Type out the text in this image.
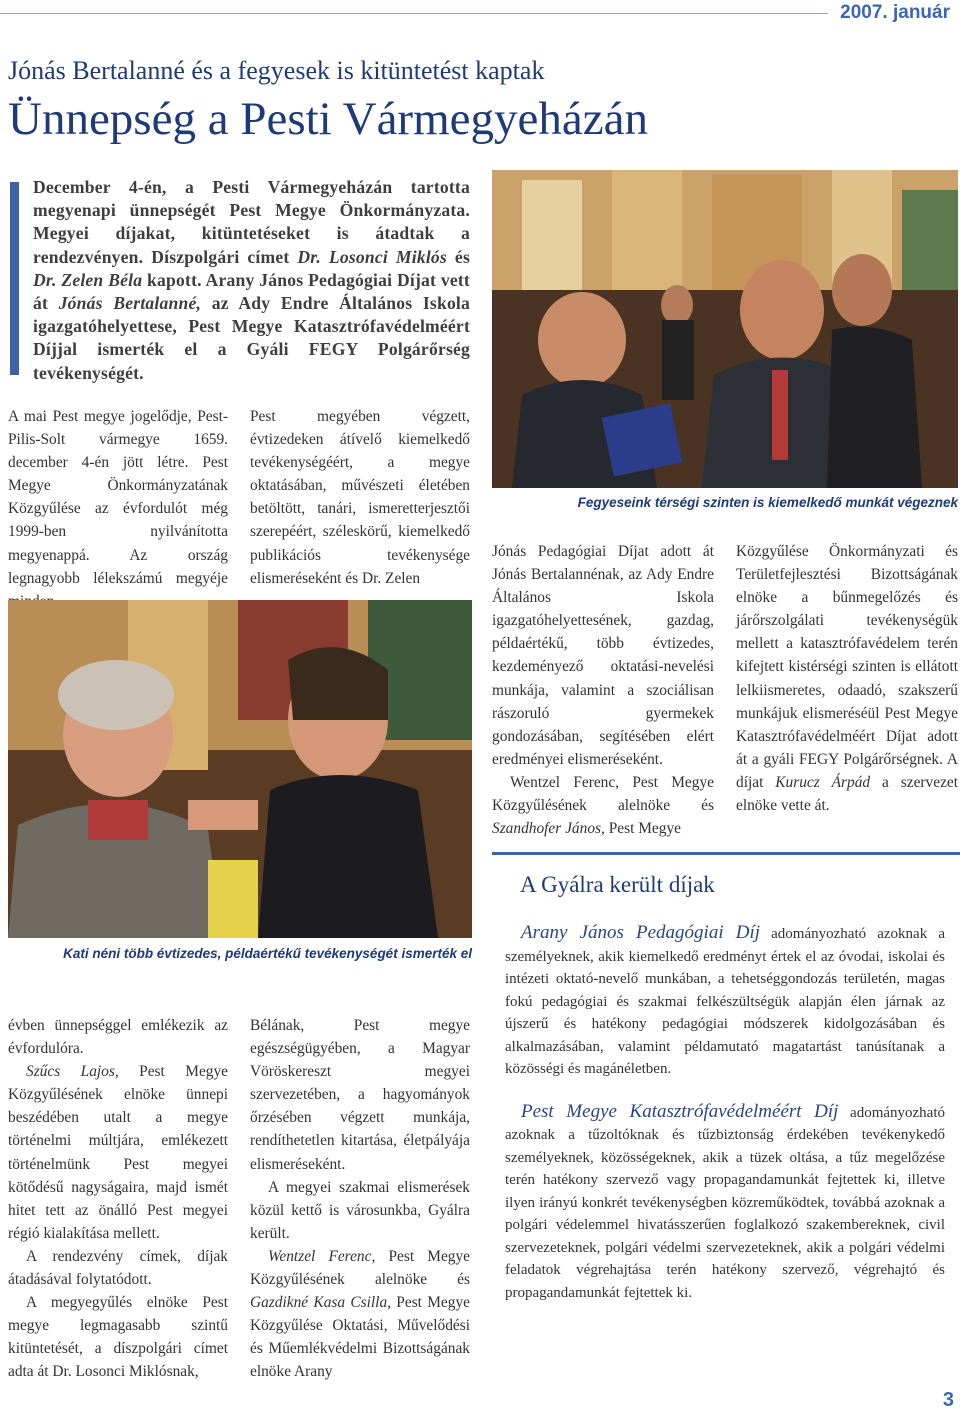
2007. január
Jónás Bertalanné és a fegyesek is kitüntetést kaptak
Ünnepség a Pesti Vármegyeházán
December 4-én, a Pesti Vármegyeházán tartotta megyenapi ünnepségét Pest Megye Önkormányzata. Megyei díjakat, kitüntetéseket is átadtak a rendezvényen. Díszpolgári címet Dr. Losonci Miklós és Dr. Zelen Béla kapott. Arany János Pedagógiai Díjat vett át Jónás Bertalanné, az Ady Endre Általános Iskola igazgatóhelyettese, Pest Megye Katasztrófavédelméért Díjjal ismerték el a Gyáli FEGY Polgárőrség tevékenységét.
Fegyeseink térségi szinten is kiemelkedő munkát végeznek

A mai Pest megye jogelődje, Pest-Pilis-Solt vármegye 1659. december 4-én jött létre. Pest Megye Önkormányzatának Közgyűlése az évfordulót még 1999-ben nyilvánította megyenappá. Az ország legnagyobb lélekszámú megyéje

Pest megyében végzett, évtizedeken átívelő kiemelkedő tevékenységéért, a megye oktatásában, művészeti életében betöltött, tanári, ismeretterjesztői szerepéért, széleskörű, kiemelkedő publikációs tevékenysége elismeréseként és Dr. Zelen

Jónás Pedagógiai Díjat adott át Jónás Bertalannénak, az Ady Endre Általános Iskola igazgatóhelyettesének, gazdag, példaértékű, több évtizedes, kezdeményező oktatási-nevelési munkája, valamint a szociálisan rászoruló gyermekek gondozásában, segítésében elért eredményei elismeréseként.

Wentzel Ferenc, Pest Megye Közgyűlésének alelnöke és Szandhofer János, Pest Megye

Közgyűlése Önkormányzati és Területfejlesztési Bizottságának elnöke a bűnmegelőzés és járőrszolgálati tevékenységük mellett a katasztrófavédelem terén kifejtett kistérségi szinten is ellátott lelkiismeretes, odaadó, szakszerű munkájuk elismeréséül Pest Megye Katasztrófavédelméért Díjat adott át a gyáli FEGY Polgárőrségnek. A díjat Kurucz Árpád a szervezet elnöke vette át.

Kati néni több évtizedes, példaértékű tevékenységét ismerték el

évben ünnepséggel emlékezik az évfordulóra.

Szűcs Lajos, Pest Megye Közgyűlésének elnöke ünnepi beszédében utalt a megye történelmi múltjára, emlékezett történelmünk Pest megyei kötődésű nagyságaira, majd ismét hitet tett az önálló Pest megyei régió kialakítása mellett.

A rendezvény címek, díjak átadásával folytatódott.

A megyegyűlés elnöke Pest megye legmagasabb szintű kitüntetését, a díszpolgári címet adta át Dr. Losonci Miklósnak,

Bélának, Pest megye egészségügyében, a Magyar Vöröskereszt megyei szervezetében, a hagyományok őrzésében végzett munkája, rendíthetetlen kitartása, életpályája elismeréseként.

A megyei szakmai elismerések közül kettő is városunkba, Gyálra került.

Wentzel Ferenc, Pest Megye Közgyűlésének alelnöke és Gazdikné Kasa Csilla, Pest Megye Közgyűlése Oktatási, Művelődési és Műemlékvédelmi Bizottságának elnöke Arany

A Gyálra került díjak

Arany János Pedagógiai Díj adományozható azoknak a személyeknek, akik kiemelkedő eredményt értek el az óvodai, iskolai és intézeti oktató-nevelő munkában, a tehetséggondozás területén, magas fokú pedagógiai és szakmai felkészültségük alapján élen járnak az újszerű és hatékony pedagógiai módszerek kidolgozásában és alkalmazásában, valamint példamutató magatartást tanúsítanak a közösségi és magánéletben.

Pest Megye Katasztrófavédelméért Díj adományozható azoknak a tűzoltóknak és tűzbiztonság érdekében tevékenykedő személyeknek, közösségeknek, akik a tüzek oltása, a tűz megelőzése terén hatékony szervező vagy propagandamunkát fejtettek ki, illetve ilyen irányú konkrét tevékenységben közreműködtek, továbbá azoknak a polgári védelemmel hivatásszerűen foglalkozó szakembereknek, civil szervezeteknek, polgári védelmi szervezeteknek, akik a polgári védelmi feladatok végrehajtása terén hatékony szervező, végrehajtó és propagandamunkát fejtettek ki.

3
